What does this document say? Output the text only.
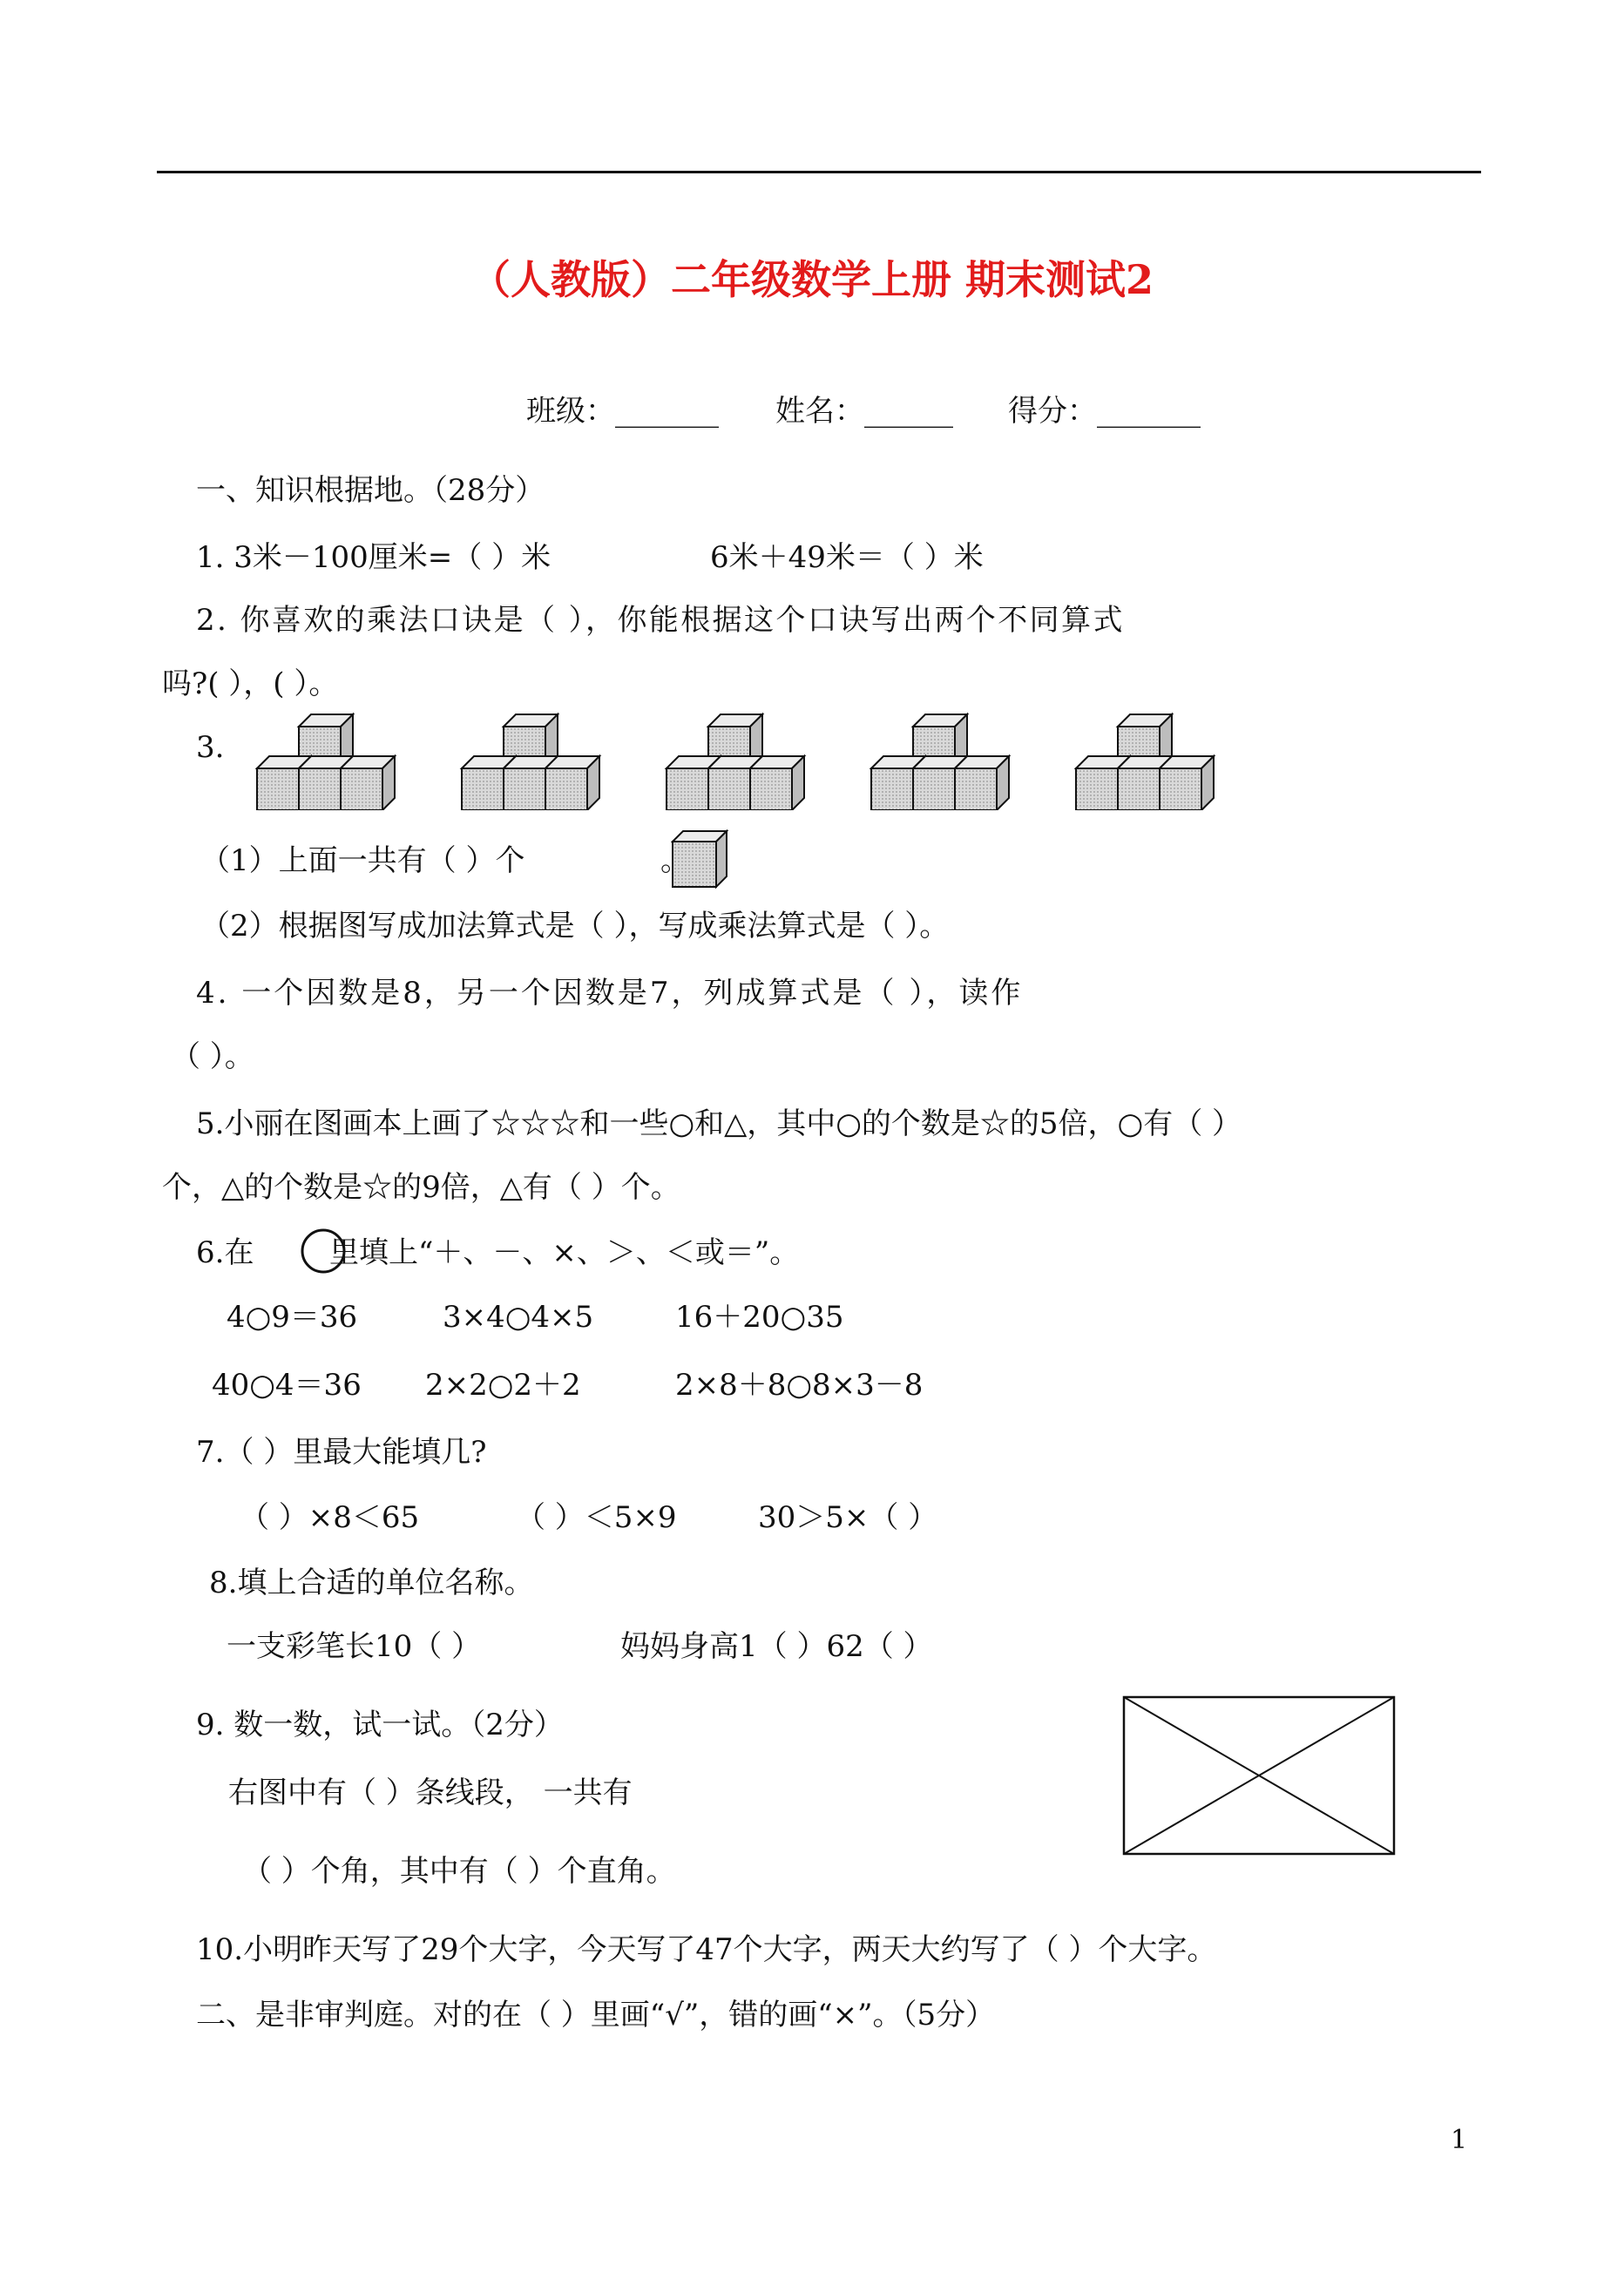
（人教版）二年级数学上册 期末测试2
班级：_______ 姓名：______ 得分：_______
一、知识根据地。（28分）
1. 3米－100厘米=（ ）米	6米＋49米＝（ ）米
2. 你喜欢的乘法口诀是（ ），你能根据这个口诀写出两个不同算式
吗?( ），( ）。
3.
（1）上面一共有（ ）个	。
（2）根据图写成加法算式是（ ），写成乘法算式是（ ）。
4. 一个因数是8，另一个因数是7，列成算式是（ ），读作
（ ）。
5.小丽在图画本上画了☆☆☆和一些○和△，其中○的个数是☆的5倍，○有（ ）
个，△的个数是☆的9倍，△有（ ）个。
6.在	里填上“＋、－、×、＞、＜或＝”。
4○9＝36	3×4○4×5	16＋20○35
40○4＝36 2×2○2＋2	2×8＋8○8×3－8
7.（ ）里最大能填几?
（ ）×8＜65	（ ）＜5×9	30＞5×（ ）
8.填上合适的单位名称。
一支彩笔长10（ ）	妈妈身高1（ ）62（ ）
9. 数一数，试一试。（2分）
右图中有（ ）条线段， 一共有
（ ）个角，其中有（ ）个直角。
10.小明昨天写了29个大字，今天写了47个大字，两天大约写了（ ）个大字。
二、是非审判庭。对的在（ ）里画“√”，错的画“×”。（5分）
1
